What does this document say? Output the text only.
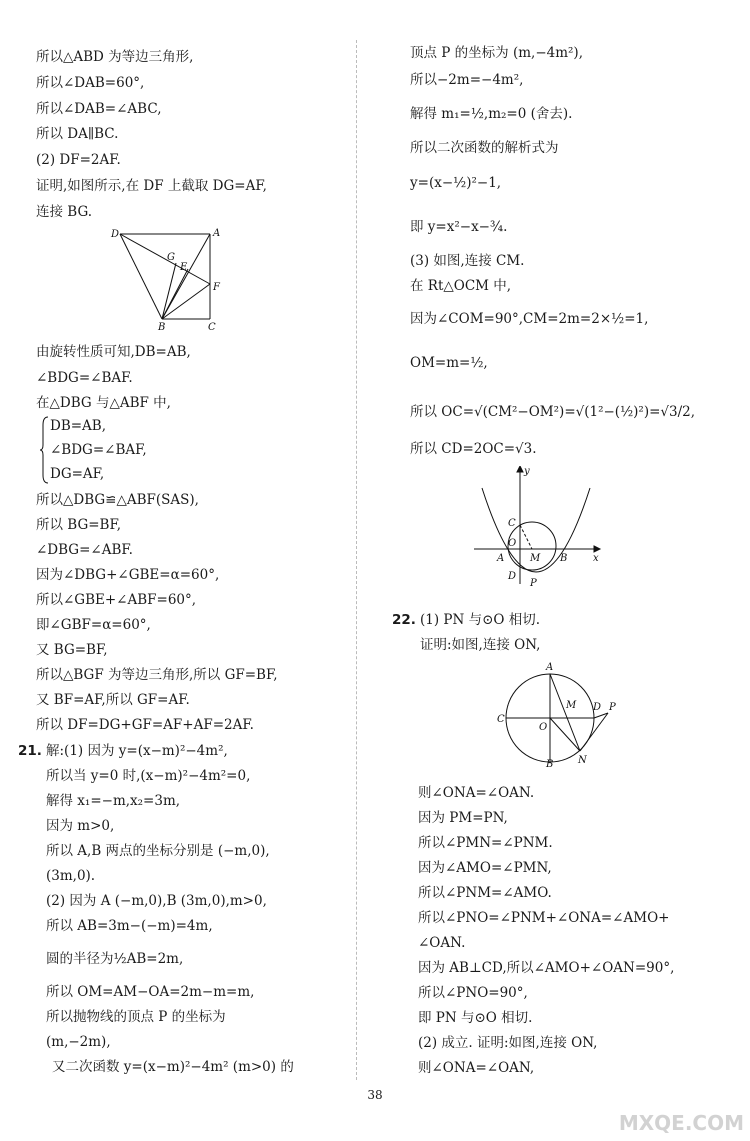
所以△ABD 为等边三角形,
所以∠DAB=60°,
所以∠DAB=∠ABC,
所以 DA∥BC.
(2) DF=2AF.
证明,如图所示,在 DF 上截取 DG=AF,
连接 BG.
D	A
G
E
F
B	C
由旋转性质可知,DB=AB,
∠BDG=∠BAF.
在△DBG 与△ABF 中,
DB=AB,
∠BDG=∠BAF,
DG=AF,
所以△DBG≌△ABF(SAS),
所以 BG=BF,
∠DBG=∠ABF.
因为∠DBG+∠GBE=α=60°,
所以∠GBE+∠ABF=60°,
即∠GBF=α=60°,
又 BG=BF,
所以△BGF 为等边三角形,所以 GF=BF,
又 BF=AF,所以 GF=AF.
所以 DF=DG+GF=AF+AF=2AF.
21. 解:(1) 因为 y=(x−m)²−4m²,
所以当 y=0 时,(x−m)²−4m²=0,
解得 x₁=−m,x₂=3m,
因为 m>0,
所以 A,B 两点的坐标分别是 (−m,0),
(3m,0).
(2) 因为 A (−m,0),B (3m,0),m>0,
所以 AB=3m−(−m)=4m,
圆的半径为½AB=2m,
所以 OM=AM−OA=2m−m=m,
所以抛物线的顶点 P 的坐标为
(m,−2m),
又二次函数 y=(x−m)²−4m² (m>0) 的
顶点 P 的坐标为 (m,−4m²),
所以−2m=−4m²,
解得 m₁=½,m₂=0 (舍去).
所以二次函数的解析式为
y=(x−½)²−1,
即 y=x²−x−¾.
(3) 如图,连接 CM.
在 Rt△OCM 中,
因为∠COM=90°,CM=2m=2×½=1,
OM=m=½,
所以 OC=√(CM²−OM²)=√(1²−(½)²)=√3/2,
所以 CD=2OC=√3.
y
C
O
M
A	B	x
D
P
22. (1) PN 与⊙O 相切.
证明:如图,连接 ON,
A
C
O
M D P
B N
则∠ONA=∠OAN.
因为 PM=PN,
所以∠PMN=∠PNM.
因为∠AMO=∠PMN,
所以∠PNM=∠AMO.
所以∠PNO=∠PNM+∠ONA=∠AMO+
∠OAN.
因为 AB⊥CD,所以∠AMO+∠OAN=90°,
所以∠PNO=90°,
即 PN 与⊙O 相切.
(2) 成立. 证明:如图,连接 ON,
则∠ONA=∠OAN,
38
MXQE.COM
